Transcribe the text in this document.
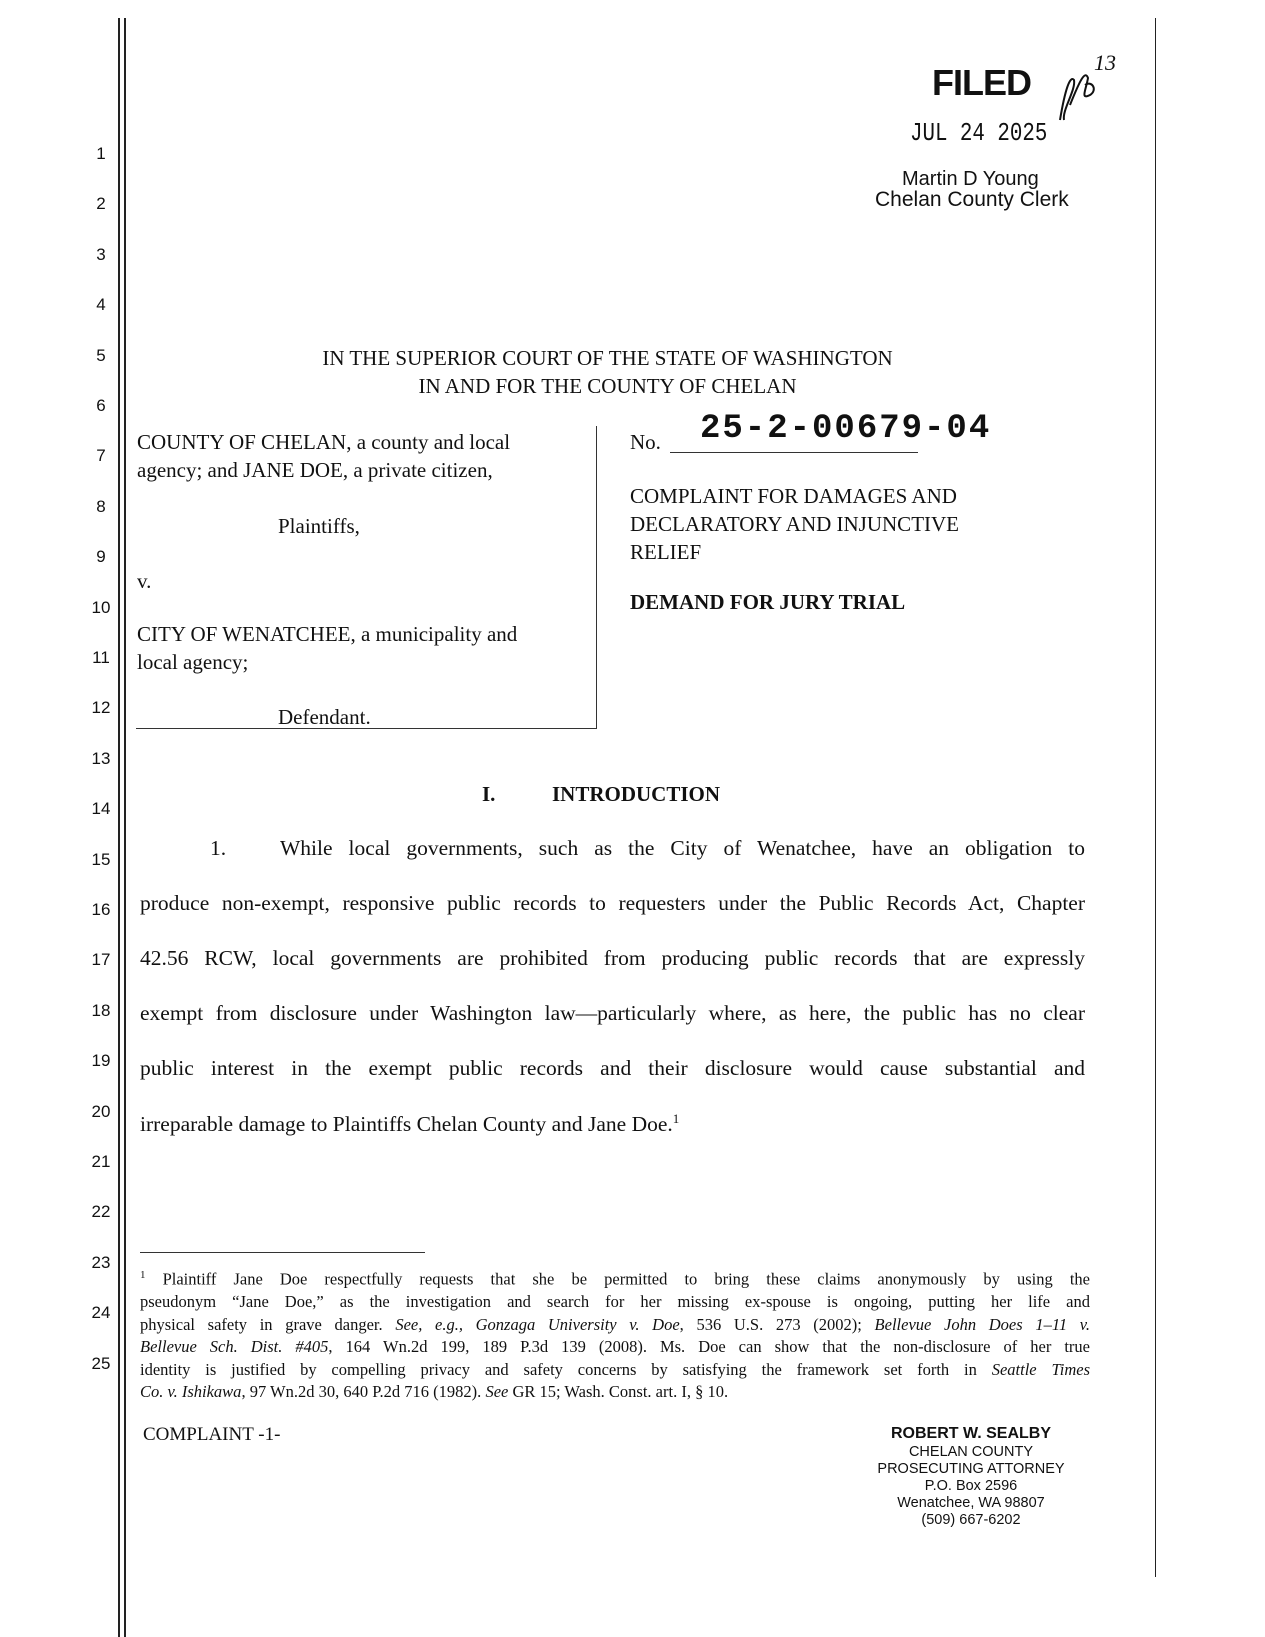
1
2
3
4
5
6
7
8
9
10
11
12
13
14
15
16
17
18
19
20
21
22
23
24
25
FILED
JUL 24 2025
Martin D Young
Chelan County Clerk
13
IN THE SUPERIOR COURT OF THE STATE OF WASHINGTON
IN AND FOR THE COUNTY OF CHELAN
COUNTY OF CHELAN, a county and local
agency; and JANE DOE, a private citizen,
Plaintiffs,
v.
CITY OF WENATCHEE, a municipality and
local agency;
Defendant.
No. 25-2-00679-04
COMPLAINT FOR DAMAGES AND
DECLARATORY AND INJUNCTIVE
RELIEF
DEMAND FOR JURY TRIAL
I.	INTRODUCTION
1.	While local governments, such as the City of Wenatchee, have an obligation to
produce non-exempt, responsive public records to requesters under the Public Records Act, Chapter
42.56 RCW, local governments are prohibited from producing public records that are expressly
exempt from disclosure under Washington law—particularly where, as here, the public has no clear
public interest in the exempt public records and their disclosure would cause substantial and
irreparable damage to Plaintiffs Chelan County and Jane Doe.$^1$
$^1$ Plaintiff Jane Doe respectfully requests that she be permitted to bring these claims anonymously by using the
pseudonym “Jane Doe,” as the investigation and search for her missing ex-spouse is ongoing, putting her life and
physical safety in grave danger. See, e.g., Gonzaga University v. Doe, 536 U.S. 273 (2002); Bellevue John Does 1–11 v.
Bellevue Sch. Dist. #405, 164 Wn.2d 199, 189 P.3d 139 (2008). Ms. Doe can show that the non-disclosure of her true
identity is justified by compelling privacy and safety concerns by satisfying the framework set forth in Seattle Times
Co. v. Ishikawa, 97 Wn.2d 30, 640 P.2d 716 (1982). See GR 15; Wash. Const. art. I, § 10.
COMPLAINT -1-	ROBERT W. SEALBY
CHELAN COUNTY
PROSECUTING ATTORNEY
P.O. Box 2596
Wenatchee, WA 98807
(509) 667-6202
